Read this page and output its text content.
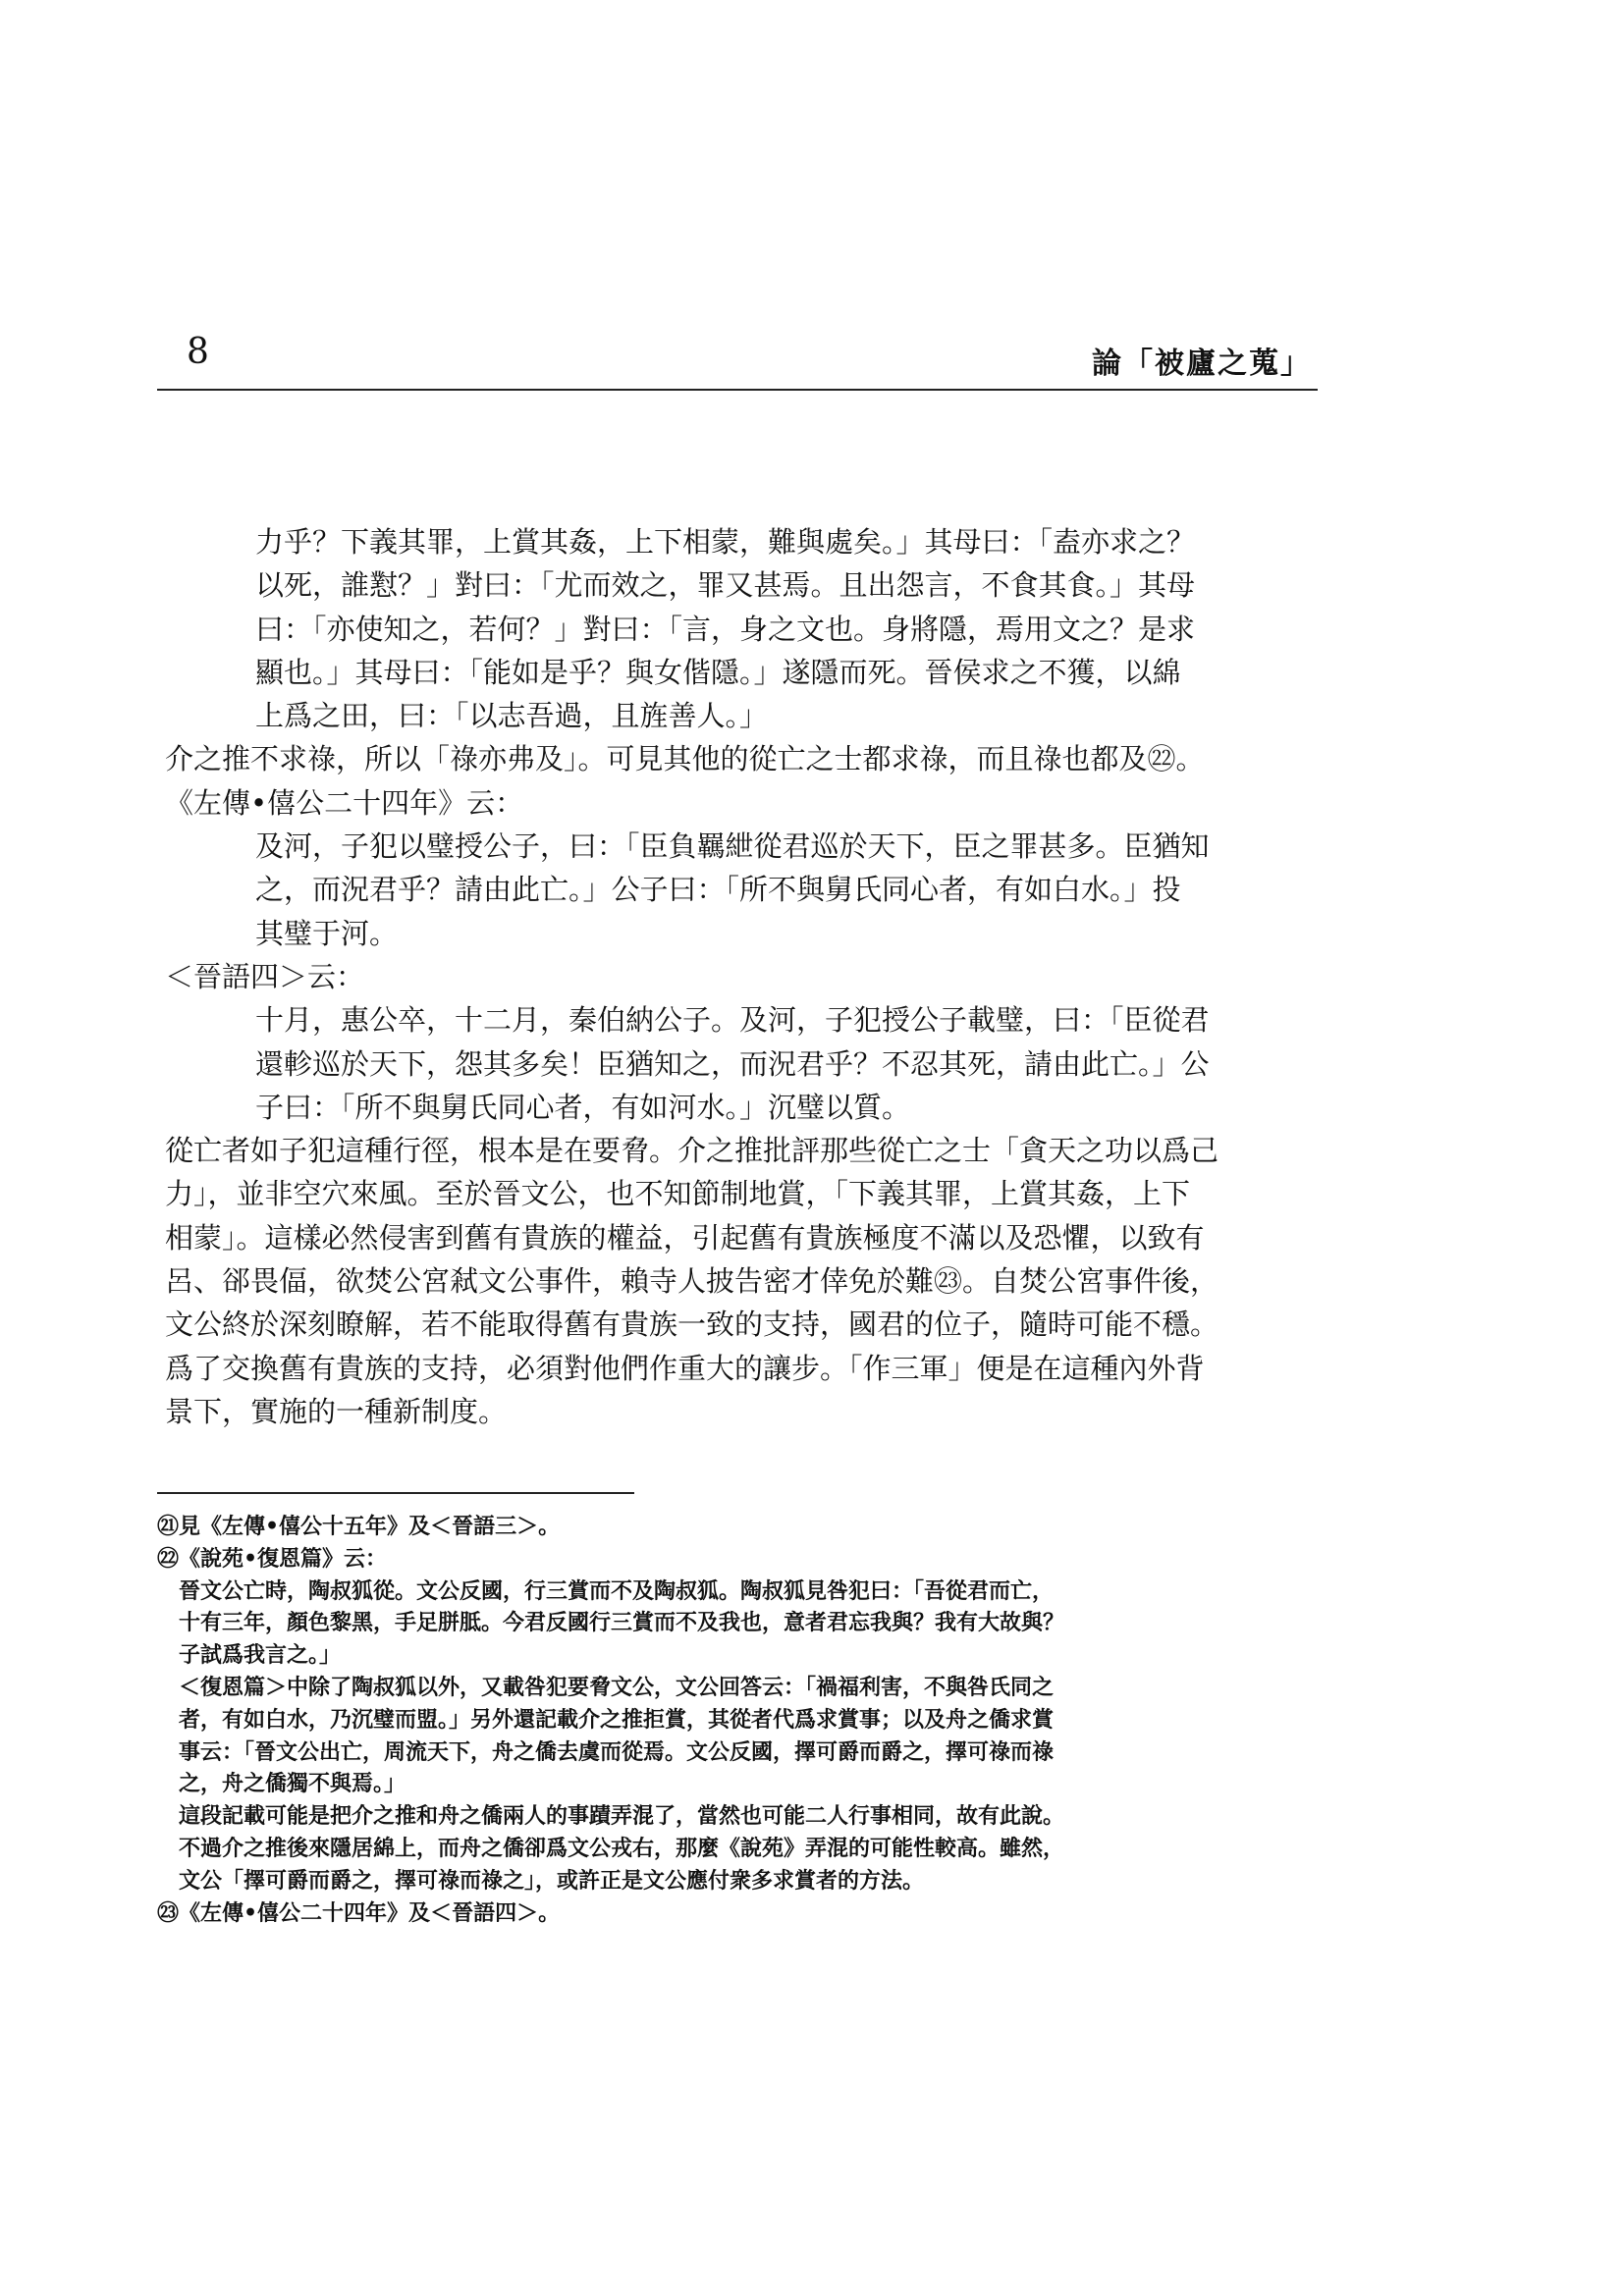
8	論「被廬之蒐」

力乎？下義其罪，上賞其姦，上下相蒙，難與處矣。」其母曰：「盍亦求之？

以死，誰懟？」對曰：「尤而效之，罪又甚焉。且出怨言，不食其食。」其母

曰：「亦使知之，若何？」對曰：「言，身之文也。身將隱，焉用文之？是求

顯也。」其母曰：「能如是乎？與女偕隱。」遂隱而死。晉侯求之不獲，以綿

上爲之田，曰：「以志吾過，且旌善人。」

介之推不求祿，所以「祿亦弗及」。可見其他的從亡之士都求祿，而且祿也都及㉒。

《左傳•僖公二十四年》云：

及河，子犯以璧授公子，曰：「臣負羈紲從君巡於天下，臣之罪甚多。臣猶知

之，而況君乎？請由此亡。」公子曰：「所不與舅氏同心者，有如白水。」投

其璧于河。

＜晉語四＞云：

十月，惠公卒，十二月，秦伯納公子。及河，子犯授公子載璧，曰：「臣從君

還軫巡於天下，怨其多矣！臣猶知之，而況君乎？不忍其死，請由此亡。」公

子曰：「所不與舅氏同心者，有如河水。」沉璧以質。

從亡者如子犯這種行徑，根本是在要脅。介之推批評那些從亡之士「貪天之功以爲己

力」，並非空穴來風。至於晉文公，也不知節制地賞，「下義其罪，上賞其姦，上下

相蒙」。這樣必然侵害到舊有貴族的權益，引起舊有貴族極度不滿以及恐懼，以致有

呂、郤畏偪，欲焚公宮弒文公事件，賴寺人披告密才倖免於難㉓。自焚公宮事件後，

文公終於深刻瞭解，若不能取得舊有貴族一致的支持，國君的位子，隨時可能不穩。

爲了交換舊有貴族的支持，必須對他們作重大的讓步。「作三軍」便是在這種內外背

景下，實施的一種新制度。

㉑見《左傳•僖公十五年》及＜晉語三＞。

㉒《說苑•復恩篇》云：

晉文公亡時，陶叔狐從。文公反國，行三賞而不及陶叔狐。陶叔狐見咎犯曰：「吾從君而亡，

十有三年，顏色黎黑，手足胼胝。今君反國行三賞而不及我也，意者君忘我與？我有大故與？

子試爲我言之。」

＜復恩篇＞中除了陶叔狐以外，又載咎犯要脅文公，文公回答云：「禍福利害，不與咎氏同之

者，有如白水，乃沉璧而盟。」另外還記載介之推拒賞，其從者代爲求賞事；以及舟之僑求賞

事云：「晉文公出亡，周流天下，舟之僑去虞而從焉。文公反國，擇可爵而爵之，擇可祿而祿

之，舟之僑獨不與焉。」

這段記載可能是把介之推和舟之僑兩人的事蹟弄混了，當然也可能二人行事相同，故有此說。

不過介之推後來隱居綿上，而舟之僑卻爲文公戎右，那麼《說苑》弄混的可能性較高。雖然，

文公「擇可爵而爵之，擇可祿而祿之」，或許正是文公應付衆多求賞者的方法。

㉓《左傳•僖公二十四年》及＜晉語四＞。
